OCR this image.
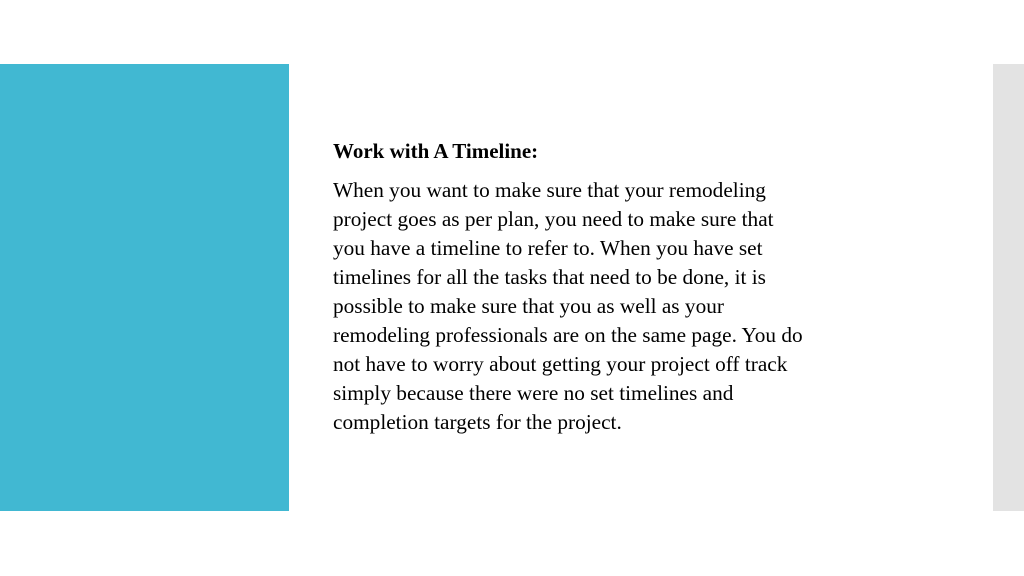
Work with A Timeline:
When you want to make sure that your remodeling
project goes as per plan, you need to make sure that
you have a timeline to refer to. When you have set
timelines for all the tasks that need to be done, it is
possible to make sure that you as well as your
remodeling professionals are on the same page. You do
not have to worry about getting your project off track
simply because there were no set timelines and
completion targets for the project.
